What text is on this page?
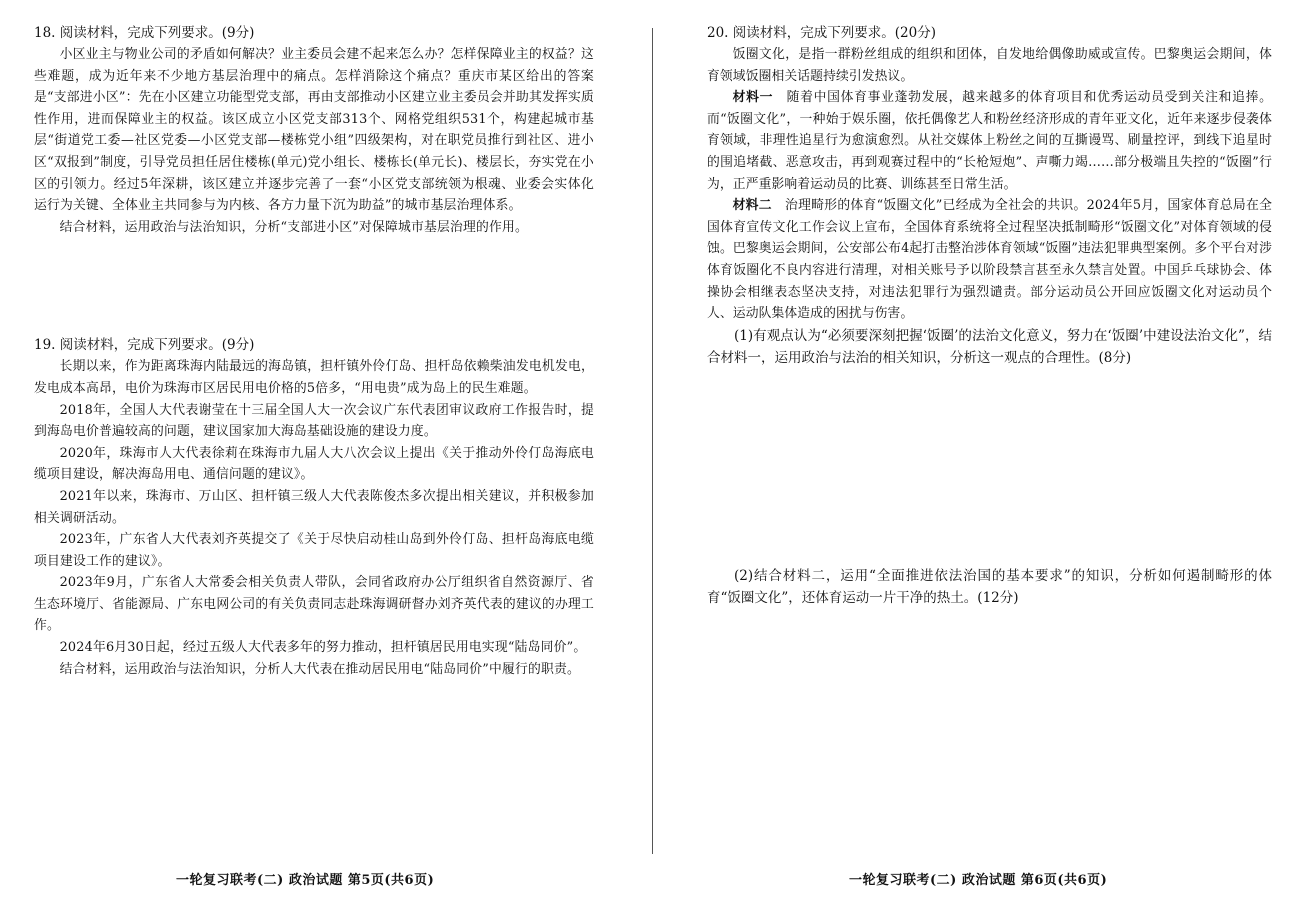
18. 阅读材料，完成下列要求。(9分)

小区业主与物业公司的矛盾如何解决？业主委员会建不起来怎么办？怎样保障业主的权益？这些难题，成为近年来不少地方基层治理中的痛点。怎样消除这个痛点？重庆市某区给出的答案是“支部进小区”：先在小区建立功能型党支部，再由支部推动小区建立业主委员会并助其发挥实质性作用，进而保障业主的权益。该区成立小区党支部313个、网格党组织531个，构建起城市基层“街道党工委—社区党委—小区党支部—楼栋党小组”四级架构，对在职党员推行到社区、进小区“双报到”制度，引导党员担任居住楼栋(单元)党小组长、楼栋长(单元长)、楼层长，夯实党在小区的引领力。经过5年深耕，该区建立并逐步完善了一套“小区党支部统领为根魂、业委会实体化运行为关键、全体业主共同参与为内核、各方力量下沉为助益”的城市基层治理体系。

结合材料，运用政治与法治知识，分析“支部进小区”对保障城市基层治理的作用。

19. 阅读材料，完成下列要求。(9分)

长期以来，作为距离珠海内陆最远的海岛镇，担杆镇外伶仃岛、担杆岛依赖柴油发电机发电，发电成本高昂，电价为珠海市区居民用电价格的5倍多，“用电贵”成为岛上的民生难题。

2018年，全国人大代表谢莹在十三届全国人大一次会议广东代表团审议政府工作报告时，提到海岛电价普遍较高的问题，建议国家加大海岛基础设施的建设力度。

2020年，珠海市人大代表徐莉在珠海市九届人大八次会议上提出《关于推动外伶仃岛海底电缆项目建设，解决海岛用电、通信问题的建议》。

2021年以来，珠海市、万山区、担杆镇三级人大代表陈俊杰多次提出相关建议，并积极参加相关调研活动。

2023年，广东省人大代表刘齐英提交了《关于尽快启动桂山岛到外伶仃岛、担杆岛海底电缆项目建设工作的建议》。

2023年9月，广东省人大常委会相关负责人带队，会同省政府办公厅组织省自然资源厅、省生态环境厅、省能源局、广东电网公司的有关负责同志赴珠海调研督办刘齐英代表的建议的办理工作。

2024年6月30日起，经过五级人大代表多年的努力推动，担杆镇居民用电实现“陆岛同价”。

结合材料，运用政治与法治知识，分析人大代表在推动居民用电“陆岛同价”中履行的职责。

20. 阅读材料，完成下列要求。(20分)

饭圈文化，是指一群粉丝组成的组织和团体，自发地给偶像助威或宣传。巴黎奥运会期间，体育领域饭圈相关话题持续引发热议。

材料一  随着中国体育事业蓬勃发展，越来越多的体育项目和优秀运动员受到关注和追捧。而“饭圈文化”，一种始于娱乐圈，依托偶像艺人和粉丝经济形成的青年亚文化，近年来逐步侵袭体育领域，非理性追星行为愈演愈烈。从社交媒体上粉丝之间的互撕谩骂、刷量控评，到线下追星时的围追堵截、恶意攻击，再到观赛过程中的“长枪短炮”、声嘶力竭……部分极端且失控的“饭圈”行为，正严重影响着运动员的比赛、训练甚至日常生活。

材料二  治理畸形的体育“饭圈文化”已经成为全社会的共识。2024年5月，国家体育总局在全国体育宣传文化工作会议上宣布，全国体育系统将全过程坚决抵制畸形“饭圈文化”对体育领域的侵蚀。巴黎奥运会期间，公安部公布4起打击整治涉体育领域“饭圈”违法犯罪典型案例。多个平台对涉体育饭圈化不良内容进行清理，对相关账号予以阶段禁言甚至永久禁言处置。中国乒乓球协会、体操协会相继表态坚决支持，对违法犯罪行为强烈谴责。部分运动员公开回应饭圈文化对运动员个人、运动队集体造成的困扰与伤害。

(1)有观点认为“必须要深刻把握‘饭圈’的法治文化意义，努力在‘饭圈’中建设法治文化”，结合材料一，运用政治与法治的相关知识，分析这一观点的合理性。(8分)

(2)结合材料二，运用“全面推进依法治国的基本要求”的知识，分析如何遏制畸形的体育“饭圈文化”，还体育运动一片干净的热土。(12分)

一轮复习联考(二) 政治试题 第5页(共6页)	一轮复习联考(二) 政治试题 第6页(共6页)
